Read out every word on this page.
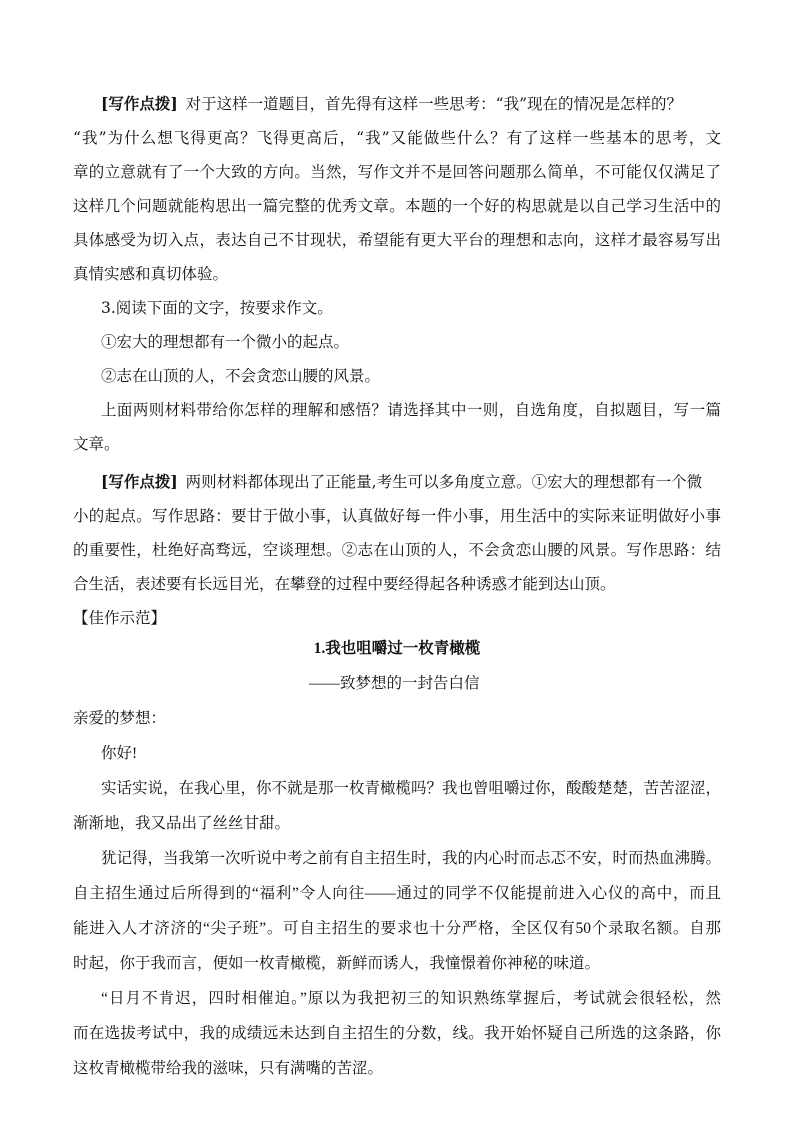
[写作点拨] 对于这样一道题目，首先得有这样一些思考：“我”现在的情况是怎样的？
“我”为什么想飞得更高？飞得更高后，“我”又能做些什么？有了这样一些基本的思考，文
章的立意就有了一个大致的方向。当然，写作文并不是回答问题那么简单，不可能仅仅满足了
这样几个问题就能构思出一篇完整的优秀文章。本题的一个好的构思就是以自己学习生活中的
具体感受为切入点，表达自己不甘现状，希望能有更大平台的理想和志向，这样才最容易写出
真情实感和真切体验。
3.阅读下面的文字，按要求作文。
①宏大的理想都有一个微小的起点。
②志在山顶的人，不会贪恋山腰的风景。
上面两则材料带给你怎样的理解和感悟？请选择其中一则，自选角度，自拟题目，写一篇
文章。
[写作点拨] 两则材料都体现出了正能量,考生可以多角度立意。①宏大的理想都有一个微
小的起点。写作思路：要甘于做小事，认真做好每一件小事，用生活中的实际来证明做好小事
的重要性，杜绝好高骛远，空谈理想。②志在山顶的人，不会贪恋山腰的风景。写作思路：结
合生活，表述要有长远目光，在攀登的过程中要经得起各种诱惑才能到达山顶。
【佳作示范】
1.我也咀嚼过一枚青橄榄
——致梦想的一封告白信
亲爱的梦想：
你好!
实话实说，在我心里，你不就是那一枚青橄榄吗？我也曾咀嚼过你，酸酸楚楚，苦苦涩涩，
渐渐地，我又品出了丝丝甘甜。
犹记得，当我第一次听说中考之前有自主招生时，我的内心时而忐忑不安，时而热血沸腾。
自主招生通过后所得到的“福利”令人向往——通过的同学不仅能提前进入心仪的高中，而且
能进入人才济济的“尖子班”。可自主招生的要求也十分严格，全区仅有50个录取名额。自那
时起，你于我而言，便如一枚青橄榄，新鲜而诱人，我憧憬着你神秘的味道。
“日月不肯迟，四时相催迫。”原以为我把初三的知识熟练掌握后，考试就会很轻松，然
而在选拔考试中，我的成绩远未达到自主招生的分数，线。我开始怀疑自己所选的这条路，你
这枚青橄榄带给我的滋味，只有满嘴的苦涩。
